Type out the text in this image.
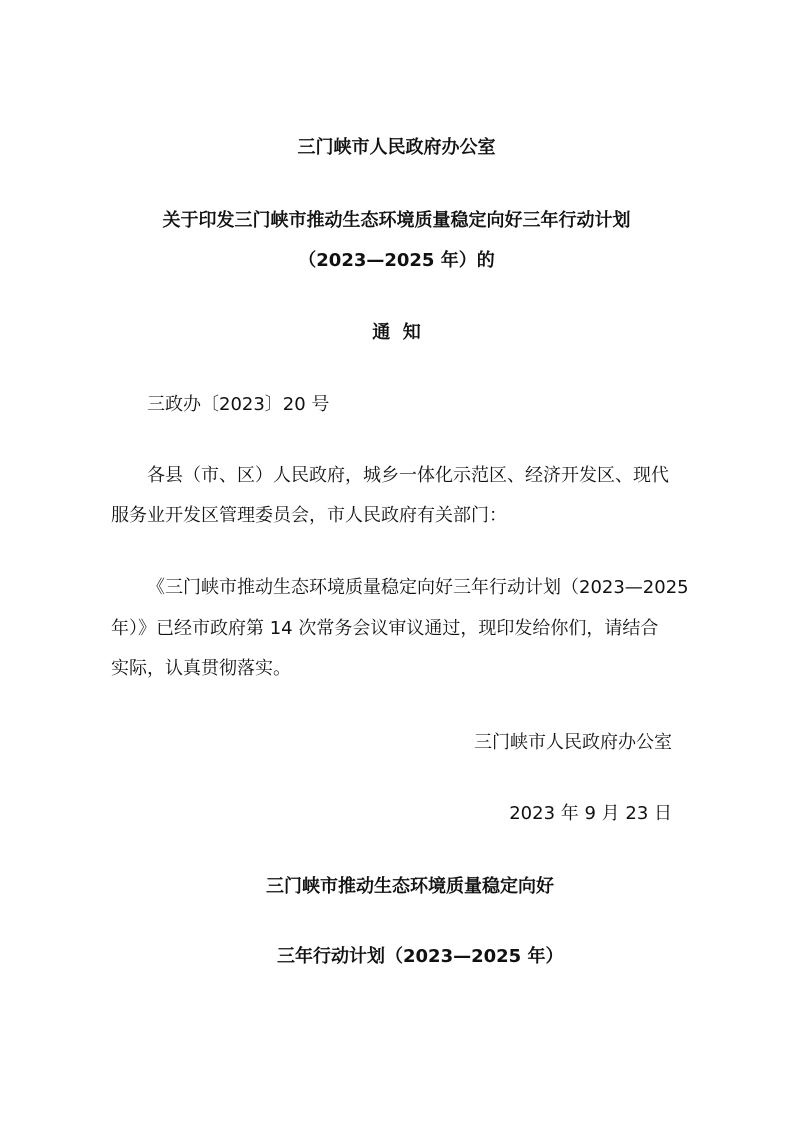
三门峡市人民政府办公室
关于印发三门峡市推动生态环境质量稳定向好三年行动计划
（2023—2025 年）的
通  知
三政办〔2023〕20 号
各县（市、区）人民政府，城乡一体化示范区、经济开发区、现代
服务业开发区管理委员会，市人民政府有关部门：
《三门峡市推动生态环境质量稳定向好三年行动计划（2023—2025
年）》已经市政府第 14 次常务会议审议通过，现印发给你们，请结合
实际，认真贯彻落实。
三门峡市人民政府办公室
2023 年 9 月 23 日
三门峡市推动生态环境质量稳定向好
三年行动计划（2023—2025 年）
